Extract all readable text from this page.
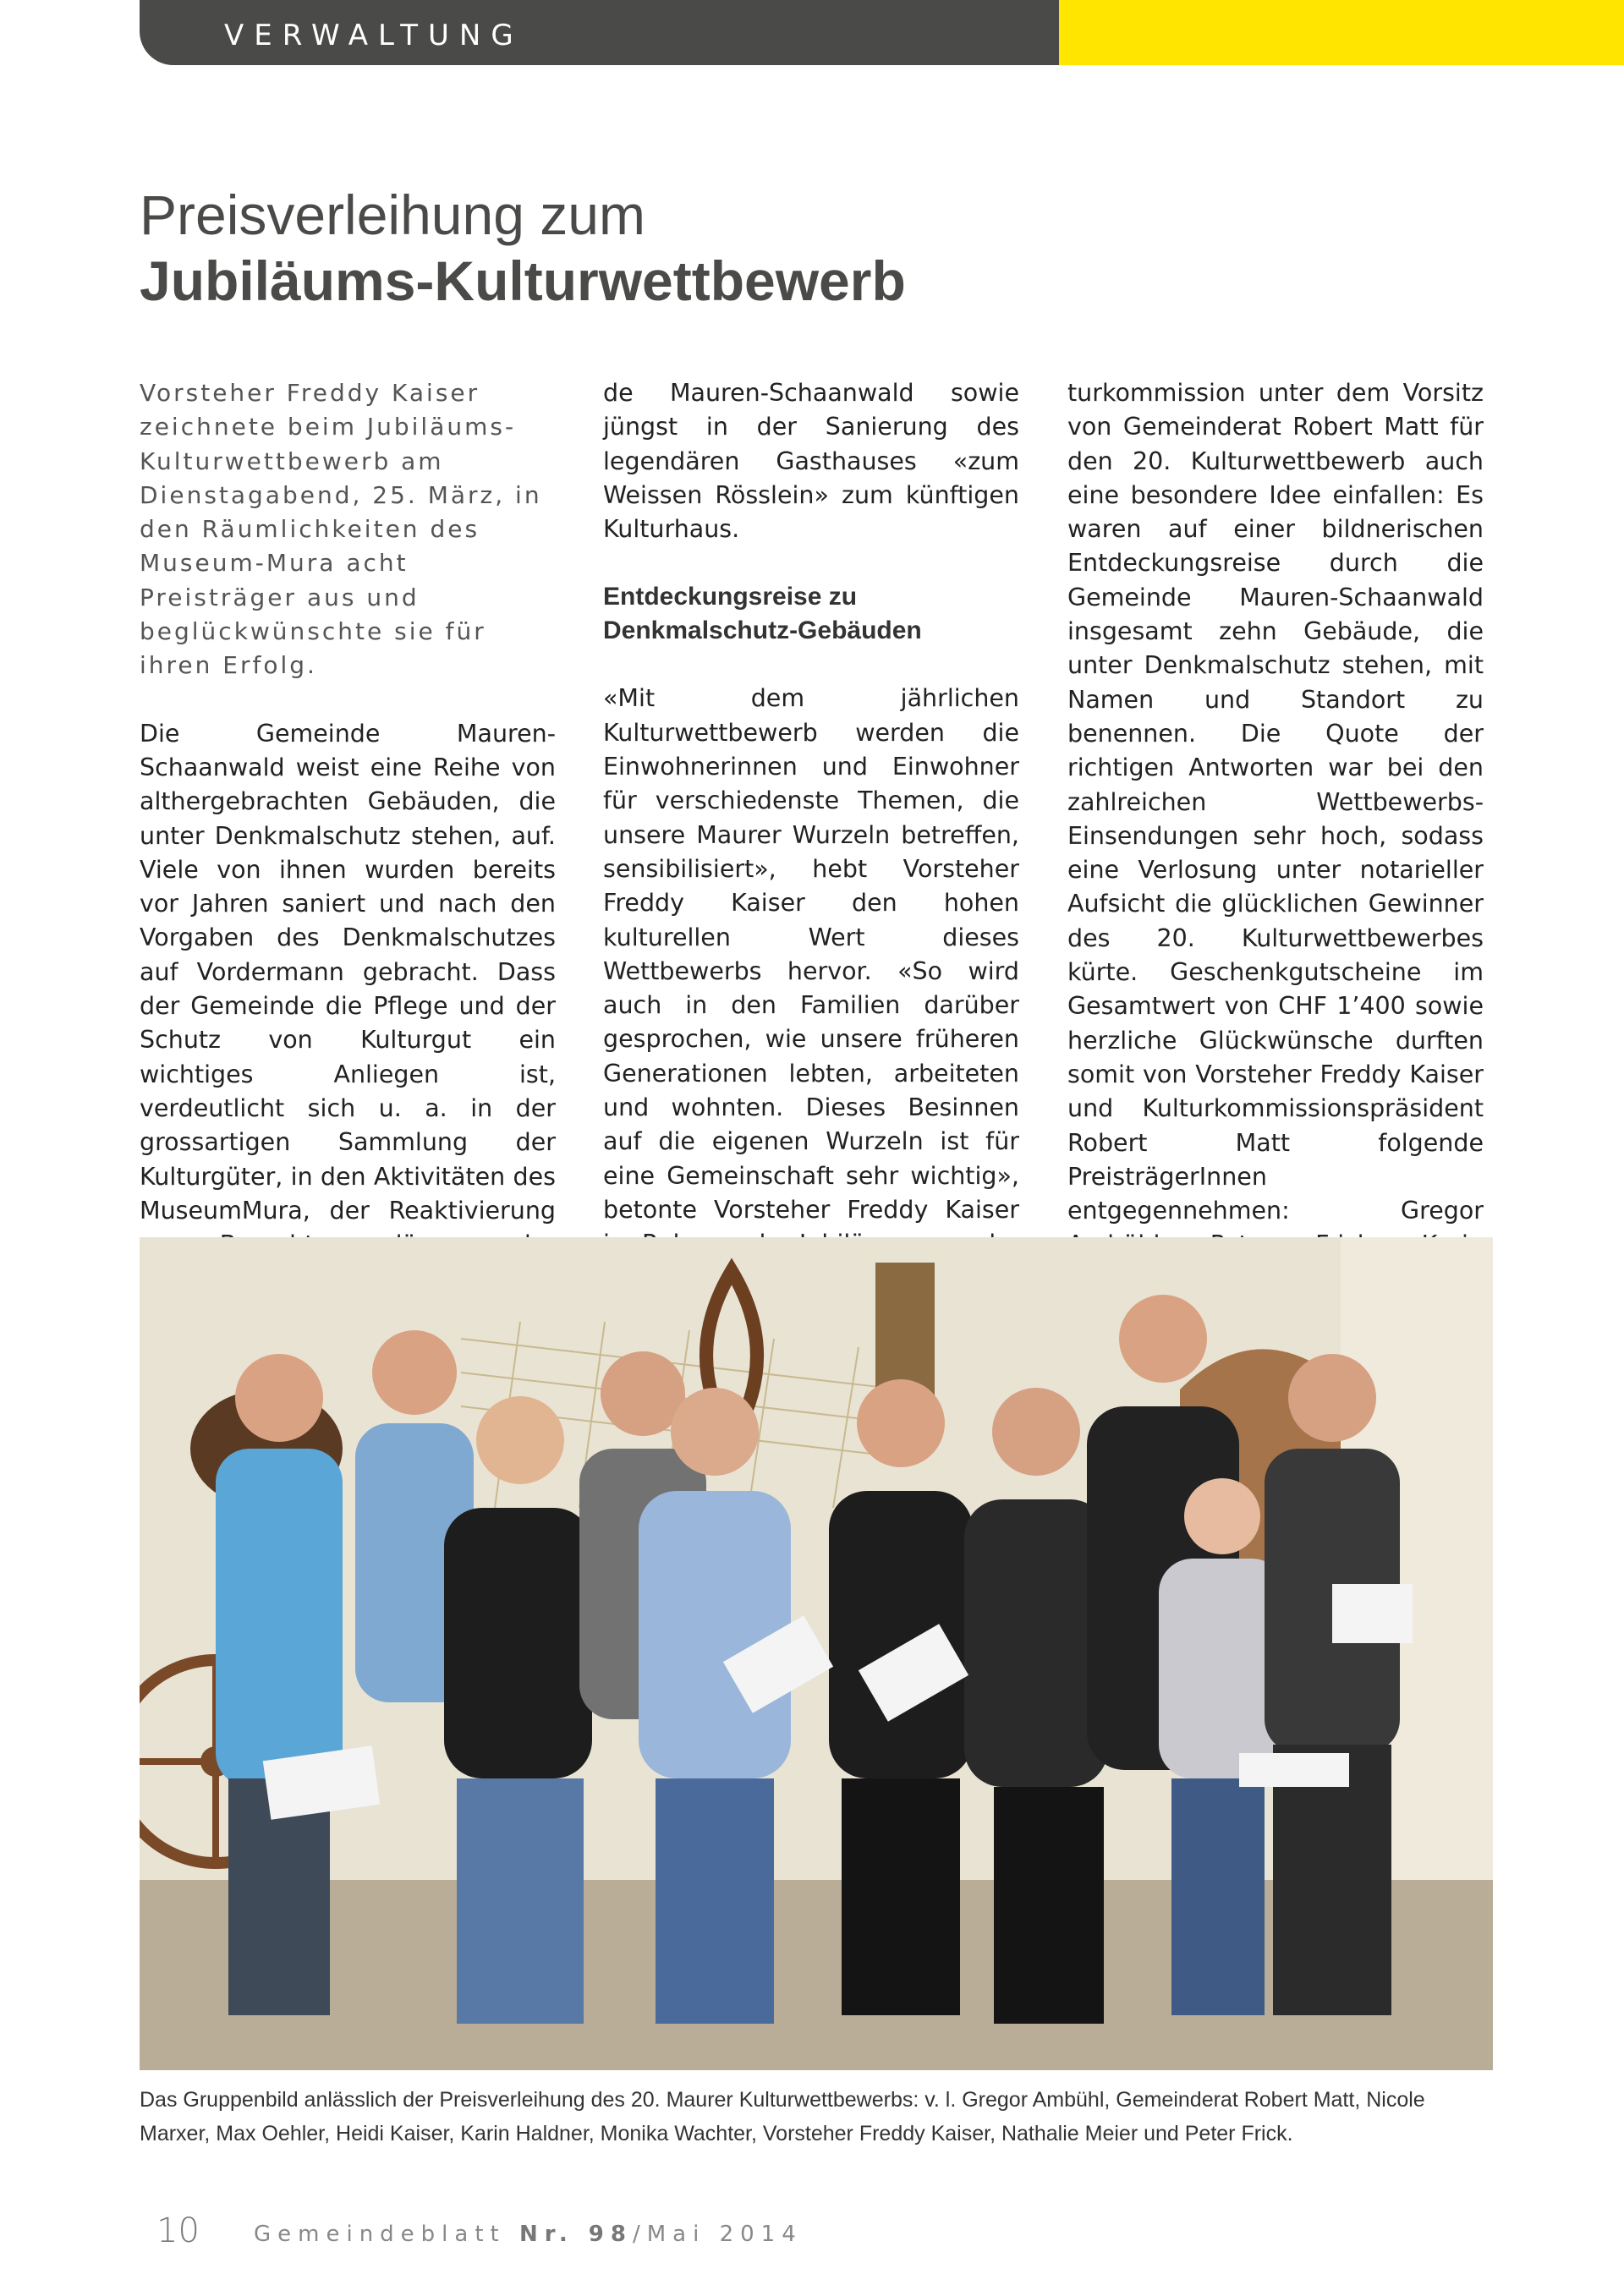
VERWALTUNG
Preisverleihung zum
Jubiläums-Kulturwettbewerb

Vorsteher Freddy Kaiser zeichnete beim Jubiläums-Kulturwettbewerb am Dienstagabend, 25. März, in den Räumlichkeiten des Museum-Mura acht Preisträger aus und beglückwünschte sie für ihren Erfolg.

Die Gemeinde Mauren-Schaanwald weist eine Reihe von althergebrachten Gebäuden, die unter Denkmalschutz stehen, auf. Viele von ihnen wurden bereits vor Jahren saniert und nach den Vorgaben des Denkmalschutzes auf Vordermann gebracht. Dass der Gemeinde die Pflege und der Schutz von Kulturgut ein wichtiges Anliegen ist, verdeutlicht sich u. a. in der grossartigen Sammlung der Kulturgüter, in den Aktivitäten des MuseumMura, der Reaktivierung

de Mauren-Schaanwald sowie jüngst in der Sanierung des legendären Gasthauses «zum Weissen Rösslein» zum künftigen Kulturhaus.

Entdeckungsreise zu
Denkmalschutz-Gebäuden

«Mit dem jährlichen Kulturwettbewerb werden die Einwohnerinnen und Einwohner für verschiedenste Themen, die unsere Maurer Wurzeln betreffen, sensibilisiert», hebt Vorsteher Freddy Kaiser den hohen kulturellen Wert dieses Wettbewerbs hervor. «So wird auch in den Familien darüber gesprochen, wie unsere früheren Generationen lebten, arbeiteten und wohnten. Dieses Besinnen auf die eigenen Wurzeln ist für eine Gemeinschaft sehr wichtig», betonte Vorsteher Freddy Kaiser

turkommission unter dem Vorsitz von Gemeinderat Robert Matt für den 20. Kulturwettbewerb auch eine besondere Idee einfallen: Es waren auf einer bildnerischen Entdeckungsreise durch die Gemeinde Mauren-Schaanwald insgesamt zehn Gebäude, die unter Denkmalschutz stehen, mit Namen und Standort zu benennen. Die Quote der richtigen Antworten war bei den zahlreichen Wettbewerbs-Einsendungen sehr hoch, sodass eine Verlosung unter notarieller Aufsicht die glücklichen Gewinner des 20. Kulturwettbewerbes kürte. Geschenkgutscheine im Gesamtwert von CHF 1’400 sowie herzliche Glückwünsche durften somit von Vorsteher Freddy Kaiser und Kulturkommissionspräsident Robert Matt folgende PreisträgerInnen entgegennehmen: Gregor

Das Gruppenbild anlässlich der Preisverleihung des 20. Maurer Kulturwettbewerbs: v. l. Gregor Ambühl, Gemeinderat Robert Matt, Nicole Marxer, Max Oehler, Heidi Kaiser, Karin Haldner, Monika Wachter, Vorsteher Freddy Kaiser, Nathalie Meier und Peter Frick.
10 Gemeindeblatt Nr. 98/Mai 2014
